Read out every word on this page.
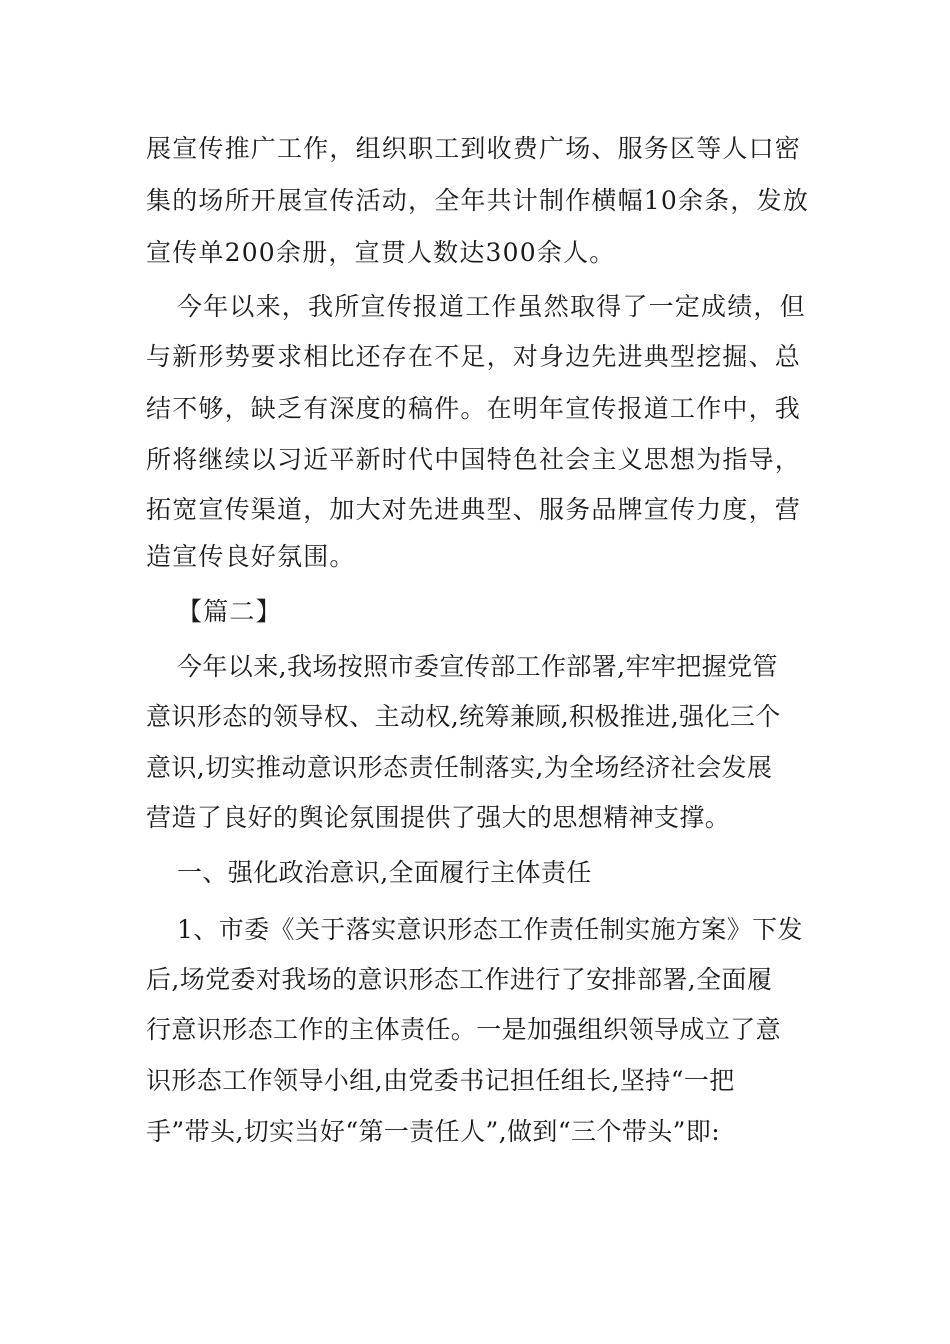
展宣传推广工作，组织职工到收费广场、服务区等人口密
集的场所开展宣传活动，全年共计制作横幅10余条，发放
宣传单200余册，宣贯人数达300余人。
今年以来，我所宣传报道工作虽然取得了一定成绩，但
与新形势要求相比还存在不足，对身边先进典型挖掘、总
结不够，缺乏有深度的稿件。在明年宣传报道工作中，我
所将继续以习近平新时代中国特色社会主义思想为指导，
拓宽宣传渠道，加大对先进典型、服务品牌宣传力度，营
造宣传良好氛围。
【篇二】
今年以来,我场按照市委宣传部工作部署,牢牢把握党管
意识形态的领导权、主动权,统筹兼顾,积极推进,强化三个
意识,切实推动意识形态责任制落实,为全场经济社会发展
营造了良好的舆论氛围提供了强大的思想精神支撑。
一、强化政治意识,全面履行主体责任
1、市委《关于落实意识形态工作责任制实施方案》下发
后,场党委对我场的意识形态工作进行了安排部署,全面履
行意识形态工作的主体责任。一是加强组织领导成立了意
识形态工作领导小组,由党委书记担任组长,坚持“一把
手”带头,切实当好“第一责任人”,做到“三个带头”即:
